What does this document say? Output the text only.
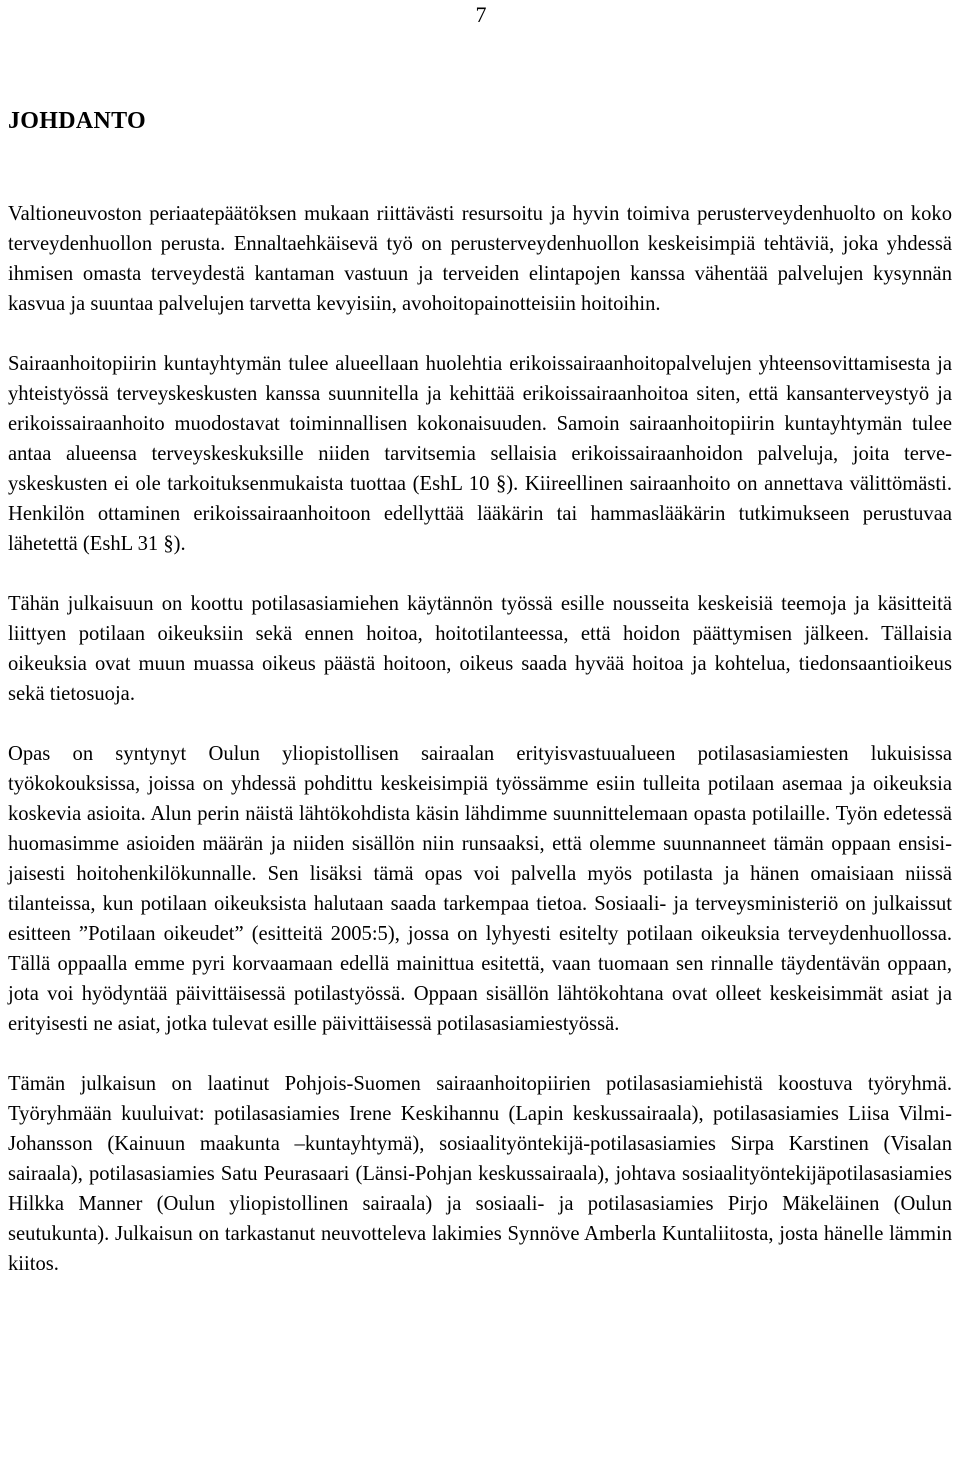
7
JOHDANTO

Valtioneuvoston periaatepäätöksen mukaan riittävästi resursoitu ja hyvin toimiva perusterveydenhuolto on koko terveydenhuollon perusta. Ennaltaehkäisevä työ on perusterveydenhuollon keskeisimpiä tehtäviä, joka yhdessä ihmisen omasta terveydestä kantaman vastuun ja terveiden elintapojen kanssa vähentää palvelujen kysynnän kasvua ja suuntaa palvelujen tarvetta kevyisiin, avohoitopainotteisiin hoitoihin.

Sairaanhoitopiirin kuntayhtymän tulee alueellaan huolehtia erikoissairaanhoitopalvelujen yhteensovittamisesta ja yhteistyössä terveyskeskusten kanssa suunnitella ja kehittää erikoissairaanhoitoa siten, että kansanterveystyö ja erikoissairaanhoito muodostavat toiminnallisen kokonaisuuden. Samoin sairaanhoitopiirin kuntayhtymän tulee antaa alueensa terveyskeskuksille niiden tarvitsemia sellaisia erikoissairaanhoidon palveluja, joita terveyskeskusten ei ole tarkoituksenmukaista tuottaa (EshL 10 §). Kiireellinen sairaanhoito on annettava välittömästi. Henkilön ottaminen erikoissairaanhoitoon edellyttää lääkärin tai hammaslääkärin tutkimukseen perustuvaa lähetettä (EshL 31 §).

Tähän julkaisuun on koottu potilasasiamiehen käytännön työssä esille nousseita keskeisiä teemoja ja käsitteitä liittyen potilaan oikeuksiin sekä ennen hoitoa, hoitotilanteessa, että hoidon päättymisen jälkeen. Tällaisia oikeuksia ovat muun muassa oikeus päästä hoitoon, oikeus saada hyvää hoitoa ja kohtelua, tiedonsaantioikeus sekä tietosuoja.

Opas on syntynyt Oulun yliopistollisen sairaalan erityisvastuualueen potilasasiamiesten lukuisissa työkokouksissa, joissa on yhdessä pohdittu keskeisimpiä työssämme esiin tulleita potilaan asemaa ja oikeuksia koskevia asioita. Alun perin näistä lähtökohdista käsin lähdimme suunnittelemaan opasta potilaille. Työn edetessä huomasimme asioiden määrän ja niiden sisällön niin runsaaksi, että olemme suunnanneet tämän oppaan ensisijaisesti hoitohenkilökunnalle. Sen lisäksi tämä opas voi palvella myös potilasta ja hänen omaisiaan niissä tilanteissa, kun potilaan oikeuksista halutaan saada tarkempaa tietoa. Sosiaali- ja terveysministeriö on julkaissut esitteen ”Potilaan oikeudet” (esitteitä 2005:5), jossa on lyhyesti esitelty potilaan oikeuksia terveydenhuollossa. Tällä oppaalla emme pyri korvaamaan edellä mainittua esitettä, vaan tuomaan sen rinnalle täydentävän oppaan, jota voi hyödyntää päivittäisessä potilastyössä. Oppaan sisällön lähtökohtana ovat olleet keskeisimmät asiat ja erityisesti ne asiat, jotka tulevat esille päivittäisessä potilasasiamiestyössä.

Tämän julkaisun on laatinut Pohjois-Suomen sairaanhoitopiirien potilasasiamiehistä koostuva työryhmä. Työryhmään kuuluivat: potilasasiamies Irene Keskihannu (Lapin keskussairaala), potilasasiamies Liisa Vilmi-Johansson (Kainuun maakunta –kuntayhtymä), sosiaalityöntekijä-potilasasiamies Sirpa Karstinen (Visalan sairaala), potilasasiamies Satu Peurasaari (Länsi-Pohjan keskussairaala), johtava sosiaalityöntekijäpotilasasiamies Hilkka Manner (Oulun yliopistollinen sairaala) ja sosiaali- ja potilasasiamies Pirjo Mäkeläinen (Oulun seutukunta). Julkaisun on tarkastanut neuvotteleva lakimies Synnöve Amberla Kuntaliitosta, josta hänelle lämmin kiitos.
